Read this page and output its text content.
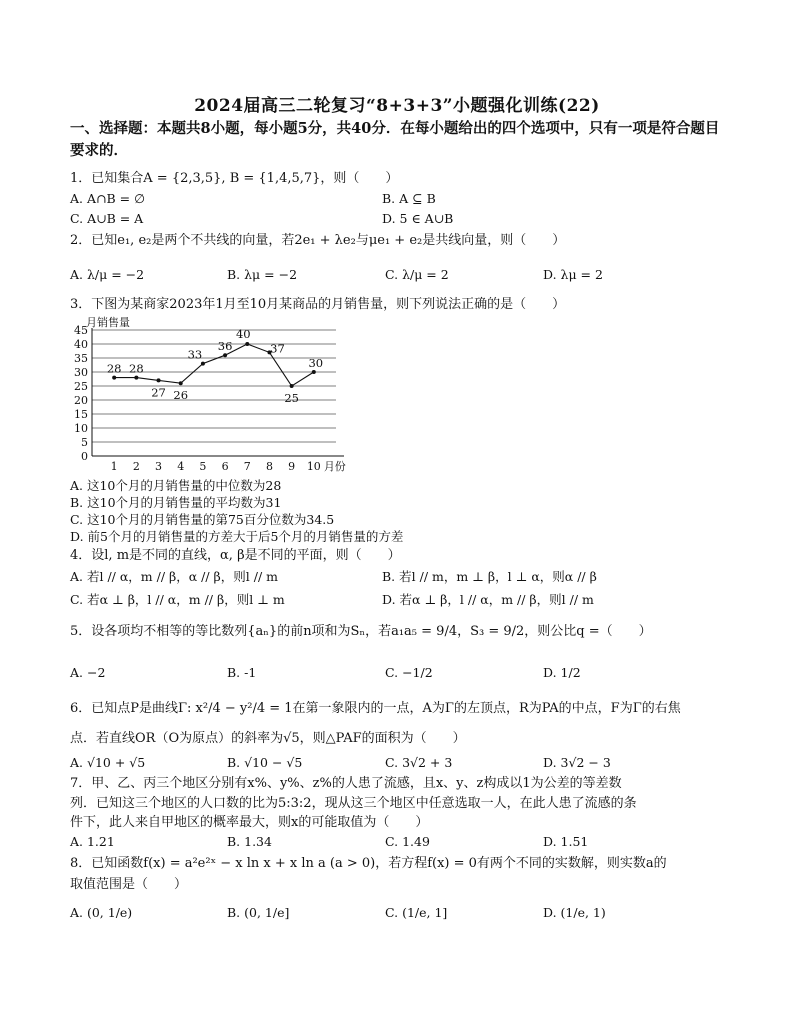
2024届高三二轮复习“8+3+3”小题强化训练(22)
一、选择题：本题共8小题，每小题5分，共40分．在每小题给出的四个选项中，只有一项是符合题目要求的．
1．已知集合A = {2,3,5}, B = {1,4,5,7}，则（　　）
A. A∩B = ∅	B. A ⊆ B
C. A∪B = A	D. 5 ∈ A∪B
2．已知e₁, e₂是两个不共线的向量，若2e₁ + λe₂与μe₁ + e₂是共线向量，则（　　）
A. λ/μ = −2	B. λμ = −2	C. λ/μ = 2	D. λμ = 2
3．下图为某商家2023年1月至10月某商品的月销售量，则下列说法正确的是（　　）
0
5
10
15
20
25
30
35
40
45
月销售量
1 2 3 4 5 6 7 8 9 10 月份
28 28
27 26
33
36
40
37
25
30
A. 这10个月的月销售量的中位数为28
B. 这10个月的月销售量的平均数为31
C. 这10个月的月销售量的第75百分位数为34.5
D. 前5个月的月销售量的方差大于后5个月的月销售量的方差
4．设l, m是不同的直线，α, β是不同的平面，则（　　）
A. 若l // α，m // β，α // β，则l // m	B. 若l // m，m ⊥ β，l ⊥ α，则α // β
C. 若α ⊥ β，l // α，m // β，则l ⊥ m	D. 若α ⊥ β，l // α，m // β，则l // m
5．设各项均不相等的等比数列{aₙ}的前n项和为Sₙ，若a₁a₅ = 9/4，S₃ = 9/2，则公比q =（　　）
A. −2	B. -1	C. −1/2	D. 1/2
6．已知点P是曲线Γ: x²/4 − y²/4 = 1在第一象限内的一点，A为Γ的左顶点，R为PA的中点，F为Γ的右焦
点．若直线OR（O为原点）的斜率为√5，则△PAF的面积为（　　）
A. √10 + √5	B. √10 − √5	C. 3√2 + 3	D. 3√2 − 3
7．甲、乙、丙三个地区分别有x%、y%、z%的人患了流感，且x、y、z构成以1为公差的等差数
列．已知这三个地区的人口数的比为5:3:2，现从这三个地区中任意选取一人，在此人患了流感的条
件下，此人来自甲地区的概率最大，则x的可能取值为（　　）
A. 1.21	B. 1.34	C. 1.49	D. 1.51
8．已知函数f(x) = a²e²ˣ − x ln x + x ln a (a > 0)，若方程f(x) = 0有两个不同的实数解，则实数a的
取值范围是（　　）
A. (0, 1/e)	B. (0, 1/e]	C. (1/e, 1]	D. (1/e, 1)
